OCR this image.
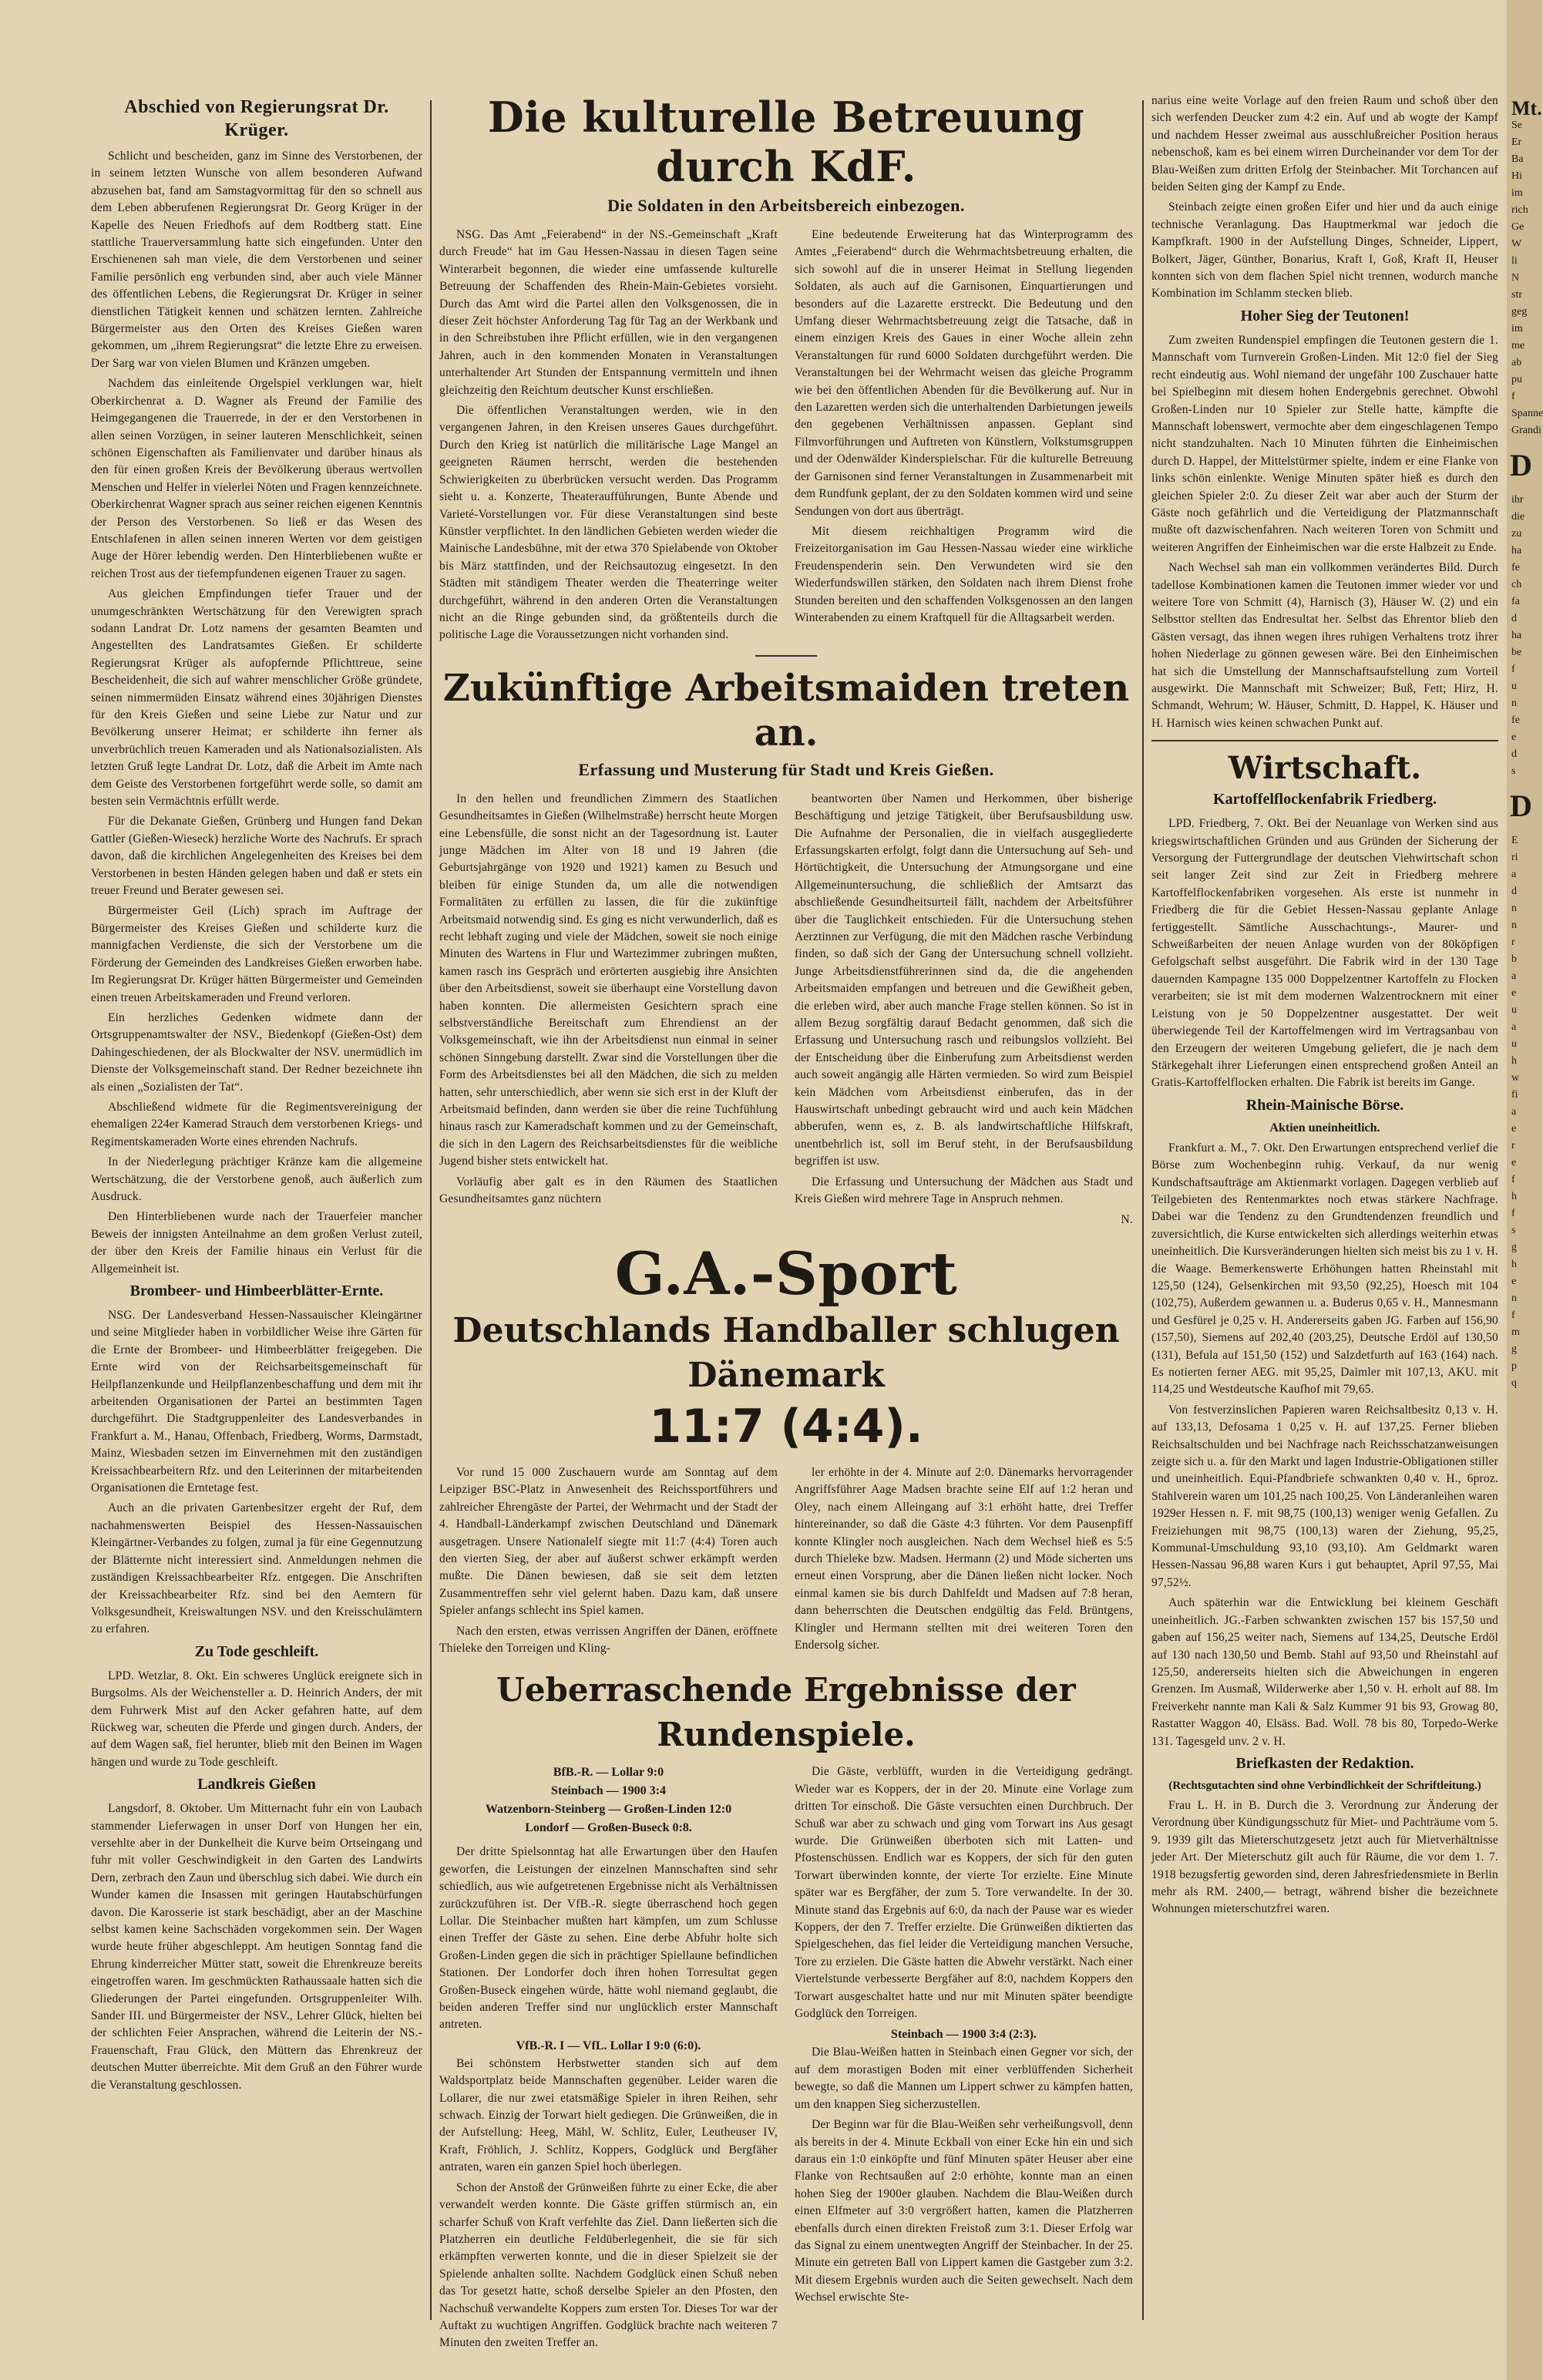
Abschied von Regierungsrat Dr. Krüger.

Schlicht und bescheiden, ganz im Sinne des Verstorbenen, der in seinem letzten Wunsche von allem besonderen Aufwand abzusehen bat, fand am Samstagvormittag für den so schnell aus dem Leben abberufenen Regierungsrat Dr. Georg Krüger in der Kapelle des Neuen Friedhofs auf dem Rodtberg statt. Eine stattliche Trauerversammlung hatte sich eingefunden. Unter den Erschienenen sah man viele, die dem Verstorbenen und seiner Familie persönlich eng verbunden sind, aber auch viele Männer des öffentlichen Lebens, die Regierungsrat Dr. Krüger in seiner dienstlichen Tätigkeit kennen und schätzen lernten. Zahlreiche Bürgermeister aus den Orten des Kreises Gießen waren gekommen, um „ihrem Regierungsrat“ die letzte Ehre zu erweisen. Der Sarg war von vielen Blumen und Kränzen umgeben.

Nachdem das einleitende Orgelspiel verklungen war, hielt Oberkirchenrat a. D. Wagner als Freund der Familie des Heimgegangenen die Trauerrede, in der er den Verstorbenen in allen seinen Vorzügen, in seiner lauteren Menschlichkeit, seinen schönen Eigenschaften als Familienvater und darüber hinaus als den für einen großen Kreis der Bevölkerung überaus wertvollen Menschen und Helfer in vielerlei Nöten und Fragen kennzeichnete. Oberkirchenrat Wagner sprach aus seiner reichen eigenen Kenntnis der Person des Verstorbenen. So ließ er das Wesen des Entschlafenen in allen seinen inneren Werten vor dem geistigen Auge der Hörer lebendig werden. Den Hinterbliebenen wußte er reichen Trost aus der tiefempfundenen eigenen Trauer zu sagen.

Aus gleichen Empfindungen tiefer Trauer und der unumgeschränkten Wertschätzung für den Verewigten sprach sodann Landrat Dr. Lotz namens der gesamten Beamten und Angestellten des Landratsamtes Gießen. Er schilderte Regierungsrat Krüger als aufopfernde Pflichttreue, seine Bescheidenheit, die sich auf wahrer menschlicher Größe gründete, seinen nimmermüden Einsatz während eines 30jährigen Dienstes für den Kreis Gießen und seine Liebe zur Natur und zur Bevölkerung unserer Heimat; er schilderte ihn ferner als unverbrüchlich treuen Kameraden und als Nationalsozialisten. Als letzten Gruß legte Landrat Dr. Lotz, daß die Arbeit im Amte nach dem Geiste des Verstorbenen fortgeführt werde solle, so damit am besten sein Vermächtnis erfüllt werde.

Für die Dekanate Gießen, Grünberg und Hungen fand Dekan Gattler (Gießen-Wieseck) herzliche Worte des Nachrufs. Er sprach davon, daß die kirchlichen Angelegenheiten des Kreises bei dem Verstorbenen in besten Händen gelegen haben und daß er stets ein treuer Freund und Berater gewesen sei.

Bürgermeister Geil (Lich) sprach im Auftrage der Bürgermeister des Kreises Gießen und schilderte kurz die mannigfachen Verdienste, die sich der Verstorbene um die Förderung der Gemeinden des Landkreises Gießen erworben habe. Im Regierungsrat Dr. Krüger hätten Bürgermeister und Gemeinden einen treuen Arbeitskameraden und Freund verloren.

Ein herzliches Gedenken widmete dann der Ortsgruppenamtswalter der NSV., Biedenkopf (Gießen-Ost) dem Dahingeschiedenen, der als Blockwalter der NSV. unermüdlich im Dienste der Volksgemeinschaft stand. Der Redner bezeichnete ihn als einen „Sozialisten der Tat“.

Abschließend widmete für die Regimentsvereinigung der ehemaligen 224er Kamerad Strauch dem verstorbenen Kriegs- und Regimentskameraden Worte eines ehrenden Nachrufs.

In der Niederlegung prächtiger Kränze kam die allgemeine Wertschätzung, die der Verstorbene genoß, auch äußerlich zum Ausdruck.

Den Hinterbliebenen wurde nach der Trauerfeier mancher Beweis der innigsten Anteilnahme an dem großen Verlust zuteil, der über den Kreis der Familie hinaus ein Verlust für die Allgemeinheit ist.

Brombeer- und Himbeerblätter-Ernte.

NSG. Der Landesverband Hessen-Nassauischer Kleingärtner und seine Mitglieder haben in vorbildlicher Weise ihre Gärten für die Ernte der Brombeer- und Himbeerblätter freigegeben. Die Ernte wird von der Reichsarbeitsgemeinschaft für Heilpflanzenkunde und Heilpflanzenbeschaffung und dem mit ihr arbeitenden Organisationen der Partei an bestimmten Tagen durchgeführt. Die Stadtgruppenleiter des Landesverbandes in Frankfurt a. M., Hanau, Offenbach, Friedberg, Worms, Darmstadt, Mainz, Wiesbaden setzen im Einvernehmen mit den zuständigen Kreissachbearbeitern Rfz. und den Leiterinnen der mitarbeitenden Organisationen die Erntetage fest.

Auch an die privaten Gartenbesitzer ergeht der Ruf, dem nachahmenswerten Beispiel des Hessen-Nassauischen Kleingärtner-Verbandes zu folgen, zumal ja für eine Gegennutzung der Blätternte nicht interessiert sind. Anmeldungen nehmen die zuständigen Kreissachbearbeiter Rfz. entgegen. Die Anschriften der Kreissachbearbeiter Rfz. sind bei den Aemtern für Volksgesundheit, Kreiswaltungen NSV. und den Kreisschulämtern zu erfahren.

Zu Tode geschleift.

LPD. Wetzlar, 8. Okt. Ein schweres Unglück ereignete sich in Burgsolms. Als der Weichensteller a. D. Heinrich Anders, der mit dem Fuhrwerk Mist auf den Acker gefahren hatte, auf dem Rückweg war, scheuten die Pferde und gingen durch. Anders, der auf dem Wagen saß, fiel herunter, blieb mit den Beinen im Wagen hängen und wurde zu Tode geschleift.

Landkreis Gießen

Langsdorf, 8. Oktober. Um Mitternacht fuhr ein von Laubach stammender Lieferwagen in unser Dorf von Hungen her ein, versehlte aber in der Dunkelheit die Kurve beim Ortseingang und fuhr mit voller Geschwindigkeit in den Garten des Landwirts Dern, zerbrach den Zaun und überschlug sich dabei. Wie durch ein Wunder kamen die Insassen mit geringen Hautabschürfungen davon. Die Karosserie ist stark beschädigt, aber an der Maschine selbst kamen keine Sachschäden vorgekommen sein. Der Wagen wurde heute früher abgeschleppt. Am heutigen Sonntag fand die Ehrung kinderreicher Mütter statt, soweit die Ehrenkreuze bereits eingetroffen waren. Im geschmückten Rathaussaale hatten sich die Gliederungen der Partei eingefunden. Ortsgruppenleiter Wilh. Sander III. und Bürgermeister der NSV., Lehrer Glück, hielten bei der schlichten Feier Ansprachen, während die Leiterin der NS.-Frauenschaft, Frau Glück, den Müttern das Ehrenkreuz der deutschen Mutter überreichte. Mit dem Gruß an den Führer wurde die Veranstaltung geschlossen.

Die kulturelle Betreuung durch KdF.
Die Soldaten in den Arbeitsbereich einbezogen.

NSG. Das Amt „Feierabend“ in der NS.-Gemeinschaft „Kraft durch Freude“ hat im Gau Hessen-Nassau in diesen Tagen seine Winterarbeit begonnen, die wieder eine umfassende kulturelle Betreuung der Schaffenden des Rhein-Main-Gebietes vorsieht. Durch das Amt wird die Partei allen den Volksgenossen, die in dieser Zeit höchster Anforderung Tag für Tag an der Werkbank und in den Schreibstuben ihre Pflicht erfüllen, wie in den vergangenen Jahren, auch in den kommenden Monaten in Veranstaltungen unterhaltender Art Stunden der Entspannung vermitteln und ihnen gleichzeitig den Reichtum deutscher Kunst erschließen.

Die öffentlichen Veranstaltungen werden, wie in den vergangenen Jahren, in den Kreisen unseres Gaues durchgeführt. Durch den Krieg ist natürlich die militärische Lage Mangel an geeigneten Räumen herrscht, werden die bestehenden Schwierigkeiten zu überbrücken versucht werden. Das Programm sieht u. a. Konzerte, Theateraufführungen, Bunte Abende und Varieté-Vorstellungen vor. Für diese Veranstaltungen sind beste Künstler verpflichtet. In den ländlichen Gebieten werden wieder die Mainische Landesbühne, mit der etwa 370 Spielabende von Oktober bis März stattfinden, und der Reichsautozug eingesetzt. In den Städten mit ständigem Theater werden die Theaterringe weiter durchgeführt, während in den anderen Orten die Veranstaltungen nicht an die Ringe gebunden sind, da größtenteils durch die politische Lage die Voraussetzungen nicht vorhanden sind.

Eine bedeutende Erweiterung hat das Winterprogramm des Amtes „Feierabend“ durch die Wehrmachtsbetreuung erhalten, die sich sowohl auf die in unserer Heimat in Stellung liegenden Soldaten, als auch auf die Garnisonen, Einquartierungen und besonders auf die Lazarette erstreckt. Die Bedeutung und den Umfang dieser Wehrmachtsbetreuung zeigt die Tatsache, daß in einem einzigen Kreis des Gaues in einer Woche allein zehn Veranstaltungen für rund 6000 Soldaten durchgeführt werden. Die Veranstaltungen bei der Wehrmacht weisen das gleiche Programm wie bei den öffentlichen Abenden für die Bevölkerung auf. Nur in den Lazaretten werden sich die unterhaltenden Darbietungen jeweils den gegebenen Verhältnissen anpassen. Geplant sind Filmvorführungen und Auftreten von Künstlern, Volkstumsgruppen und der Odenwälder Kinderspielschar. Für die kulturelle Betreuung der Garnisonen sind ferner Veranstaltungen in Zusammenarbeit mit dem Rundfunk geplant, der zu den Soldaten kommen wird und seine Sendungen von dort aus überträgt.

Mit diesem reichhaltigen Programm wird die Freizeitorganisation im Gau Hessen-Nassau wieder eine wirkliche Freudenspenderin sein. Den Verwundeten wird sie den Wiederfundswillen stärken, den Soldaten nach ihrem Dienst frohe Stunden bereiten und den schaffenden Volksgenossen an den langen Winterabenden zu einem Kraftquell für die Alltagsarbeit werden.

Zukünftige Arbeitsmaiden treten an.
Erfassung und Musterung für Stadt und Kreis Gießen.

In den hellen und freundlichen Zimmern des Staatlichen Gesundheitsamtes in Gießen (Wilhelmstraße) herrscht heute Morgen eine Lebensfülle, die sonst nicht an der Tagesordnung ist. Lauter junge Mädchen im Alter von 18 und 19 Jahren (die Geburtsjahrgänge von 1920 und 1921) kamen zu Besuch und bleiben für einige Stunden da, um alle die notwendigen Formalitäten zu erfüllen zu lassen, die für die zukünftige Arbeitsmaid notwendig sind. Es ging es nicht verwunderlich, daß es recht lebhaft zuging und viele der Mädchen, soweit sie noch einige Minuten des Wartens in Flur und Wartezimmer zubringen mußten, kamen rasch ins Gespräch und erörterten ausgiebig ihre Ansichten über den Arbeitsdienst, soweit sie überhaupt eine Vorstellung davon haben konnten. Die allermeisten Gesichtern sprach eine selbstverständliche Bereitschaft zum Ehrendienst an der Volksgemeinschaft, wie ihn der Arbeitsdienst nun einmal in seiner schönen Sinngebung darstellt. Zwar sind die Vorstellungen über die Form des Arbeitsdienstes bei all den Mädchen, die sich zu melden hatten, sehr unterschiedlich, aber wenn sie sich erst in der Kluft der Arbeitsmaid befinden, dann werden sie über die reine Tuchfühlung hinaus rasch zur Kameradschaft kommen und zu der Gemeinschaft, die sich in den Lagern des Reichsarbeitsdienstes für die weibliche Jugend bisher stets entwickelt hat.

Vorläufig aber galt es in den Räumen des Staatlichen Gesundheitsamtes ganz nüchtern

beantworten über Namen und Herkommen, über bisherige Beschäftigung und jetzige Tätigkeit, über Berufsausbildung usw. Die Aufnahme der Personalien, die in vielfach ausgegliederte Erfassungskarten erfolgt, folgt dann die Untersuchung auf Seh- und Hörtüchtigkeit, die Untersuchung der Atmungsorgane und eine Allgemeinuntersuchung, die schließlich der Amtsarzt das abschließende Gesundheitsurteil fällt, nachdem der Arbeitsführer über die Tauglichkeit entschieden. Für die Untersuchung stehen Aerztinnen zur Verfügung, die mit den Mädchen rasche Verbindung finden, so daß sich der Gang der Untersuchung schnell vollzieht. Junge Arbeitsdienstführerinnen sind da, die die angehenden Arbeitsmaiden empfangen und betreuen und die Gewißheit geben, die erleben wird, aber auch manche Frage stellen können. So ist in allem Bezug sorgfältig darauf Bedacht genommen, daß sich die Erfassung und Untersuchung rasch und reibungslos vollzieht. Bei der Entscheidung über die Einberufung zum Arbeitsdienst werden auch soweit angängig alle Härten vermieden. So wird zum Beispiel kein Mädchen vom Arbeitsdienst einberufen, das in der Hauswirtschaft unbedingt gebraucht wird und auch kein Mädchen abberufen, wenn es, z. B. als landwirtschaftliche Hilfskraft, unentbehrlich ist, soll im Beruf steht, in der Berufsausbildung begriffen ist usw.

Die Erfassung und Untersuchung der Mädchen aus Stadt und Kreis Gießen wird mehrere Tage in Anspruch nehmen.

N.

G.A.-Sport
Deutschlands Handballer schlugen Dänemark
11:7 (4:4).

Vor rund 15 000 Zuschauern wurde am Sonntag auf dem Leipziger BSC-Platz in Anwesenheit des Reichssportführers und zahlreicher Ehrengäste der Partei, der Wehrmacht und der Stadt der 4. Handball-Länderkampf zwischen Deutschland und Dänemark ausgetragen. Unsere Nationalelf siegte mit 11:7 (4:4) Toren auch den vierten Sieg, der aber auf äußerst schwer erkämpft werden mußte. Die Dänen bewiesen, daß sie seit dem letzten Zusammentreffen sehr viel gelernt haben. Dazu kam, daß unsere Spieler anfangs schlecht ins Spiel kamen.

Nach den ersten, etwas verrissen Angriffen der Dänen, eröffnete Thieleke den Torreigen und Kling-

ler erhöhte in der 4. Minute auf 2:0. Dänemarks hervorragender Angriffsführer Aage Madsen brachte seine Elf auf 1:2 heran und Oley, nach einem Alleingang auf 3:1 erhöht hatte, drei Treffer hintereinander, so daß die Gäste 4:3 führten. Vor dem Pausenpfiff konnte Klingler noch ausgleichen. Nach dem Wechsel hieß es 5:5 durch Thieleke bzw. Madsen. Hermann (2) und Möde sicherten uns erneut einen Vorsprung, aber die Dänen ließen nicht locker. Noch einmal kamen sie bis durch Dahlfeldt und Madsen auf 7:8 heran, dann beherrschten die Deutschen endgültig das Feld. Brüntgens, Klingler und Hermann stellten mit drei weiteren Toren den Endersolg sicher.

Ueberraschende Ergebnisse der Rundenspiele.

BfB.-R. — Lollar 9:0

Steinbach — 1900 3:4

Watzenborn-Steinberg — Großen-Linden 12:0

Londorf — Großen-Buseck 0:8.

Der dritte Spielsonntag hat alle Erwartungen über den Haufen geworfen, die Leistungen der einzelnen Mannschaften sind sehr schiedlich, aus wie aufgetretenen Ergebnisse nicht als Verhältnissen zurückzuführen ist. Der VfB.-R. siegte überraschend hoch gegen Lollar. Die Steinbacher mußten hart kämpfen, um zum Schlusse einen Treffer der Gäste zu sehen. Eine derbe Abfuhr holte sich Großen-Linden gegen die sich in prächtiger Spiellaune befindlichen Stationen. Der Londorfer doch ihren hohen Torresultat gegen Großen-Buseck eingehen würde, hätte wohl niemand geglaubt, die beiden anderen Treffer sind nur unglücklich erster Mannschaft antreten.

VfB.-R. I — VfL. Lollar I 9:0 (6:0).

Bei schönstem Herbstwetter standen sich auf dem Waldsportplatz beide Mannschaften gegenüber. Leider waren die Lollarer, die nur zwei etatsmäßige Spieler in ihren Reihen, sehr schwach. Einzig der Torwart hielt gediegen. Die Grünweißen, die in der Aufstellung: Heeg, Mähl, W. Schlitz, Euler, Leutheuser IV, Kraft, Fröhlich, J. Schlitz, Koppers, Godglück und Bergfäher antraten, waren ein ganzen Spiel hoch überlegen.

Schon der Anstoß der Grünweißen führte zu einer Ecke, die aber verwandelt werden konnte. Die Gäste griffen stürmisch an, ein scharfer Schuß von Kraft verfehlte das Ziel. Dann ließerten sich die Platzherren ein deutliche Feldüberlegenheit, die sie für sich erkämpften verwerten konnte, und die in dieser Spielzeit sie der Spielende anhalten sollte. Nachdem Godglück einen Schuß neben das Tor gesetzt hatte, schoß derselbe Spieler an den Pfosten, den Nachschuß verwandelte Koppers zum ersten Tor. Dieses Tor war der Auftakt zu wuchtigen Angriffen. Godglück brachte nach weiteren 7 Minuten den zweiten Treffer an.

Die Gäste, verblüfft, wurden in die Verteidigung gedrängt. Wieder war es Koppers, der in der 20. Minute eine Vorlage zum dritten Tor einschoß. Die Gäste versuchten einen Durchbruch. Der Schuß war aber zu schwach und ging vom Torwart ins Aus gesagt wurde. Die Grünweißen überboten sich mit Latten- und Pfostenschüssen. Endlich war es Koppers, der sich für den guten Torwart überwinden konnte, der vierte Tor erzielte. Eine Minute später war es Bergfäher, der zum 5. Tore verwandelte. In der 30. Minute stand das Ergebnis auf 6:0, da nach der Pause war es wieder Koppers, der den 7. Treffer erzielte. Die Grünweißen diktierten das Spielgeschehen, das fiel leider die Verteidigung manchen Versuche, Tore zu erzielen. Die Gäste hatten die Abwehr verstärkt. Nach einer Viertelstunde verbesserte Bergfäher auf 8:0, nachdem Koppers den Torwart ausgeschaltet hatte und nur mit Minuten später beendigte Godglück den Torreigen.

Steinbach — 1900 3:4 (2:3).

Die Blau-Weißen hatten in Steinbach einen Gegner vor sich, der auf dem morastigen Boden mit einer verblüffenden Sicherheit bewegte, so daß die Mannen um Lippert schwer zu kämpfen hatten, um den knappen Sieg sicherzustellen.

Der Beginn war für die Blau-Weißen sehr verheißungsvoll, denn als bereits in der 4. Minute Eckball von einer Ecke hin ein und sich daraus ein 1:0 einköpfte und fünf Minuten später Heuser aber eine Flanke von Rechtsaußen auf 2:0 erhöhte, konnte man an einen hohen Sieg der 1900er glauben. Nachdem die Blau-Weißen durch einen Elfmeter auf 3:0 vergrößert hatten, kamen die Platzherren ebenfalls durch einen direkten Freistoß zum 3:1. Dieser Erfolg war das Signal zu einem unentwegten Angriff der Steinbacher. In der 25. Minute ein getreten Ball von Lippert kamen die Gastgeber zum 3:2. Mit diesem Ergebnis wurden auch die Seiten gewechselt. Nach dem Wechsel erwischte Ste-

narius eine weite Vorlage auf den freien Raum und schoß über den sich werfenden Deucker zum 4:2 ein. Auf und ab wogte der Kampf und nachdem Hesser zweimal aus ausschlußreicher Position heraus nebenschoß, kam es bei einem wirren Durcheinander vor dem Tor der Blau-Weißen zum dritten Erfolg der Steinbacher. Mit Torchancen auf beiden Seiten ging der Kampf zu Ende.

Steinbach zeigte einen großen Eifer und hier und da auch einige technische Veranlagung. Das Hauptmerkmal war jedoch die Kampfkraft. 1900 in der Aufstellung Dinges, Schneider, Lippert, Bolkert, Jäger, Günther, Bonarius, Kraft I, Goß, Kraft II, Heuser konnten sich von dem flachen Spiel nicht trennen, wodurch manche Kombination im Schlamm stecken blieb.

Hoher Sieg der Teutonen!

Zum zweiten Rundenspiel empfingen die Teutonen gestern die 1. Mannschaft vom Turnverein Großen-Linden. Mit 12:0 fiel der Sieg recht eindeutig aus. Wohl niemand der ungefähr 100 Zuschauer hatte bei Spielbeginn mit diesem hohen Endergebnis gerechnet. Obwohl Großen-Linden nur 10 Spieler zur Stelle hatte, kämpfte die Mannschaft lobenswert, vermochte aber dem eingeschlagenen Tempo nicht standzuhalten. Nach 10 Minuten führten die Einheimischen durch D. Happel, der Mittelstürmer spielte, indem er eine Flanke von links schön einlenkte. Wenige Minuten später hieß es durch den gleichen Spieler 2:0. Zu dieser Zeit war aber auch der Sturm der Gäste noch gefährlich und die Verteidigung der Platzmannschaft mußte oft dazwischenfahren. Nach weiteren Toren von Schmitt und weiteren Angriffen der Einheimischen war die erste Halbzeit zu Ende.

Nach Wechsel sah man ein vollkommen verändertes Bild. Durch tadellose Kombinationen kamen die Teutonen immer wieder vor und weitere Tore von Schmitt (4), Harnisch (3), Häuser W. (2) und ein Selbsttor stellten das Endresultat her. Selbst das Ehrentor blieb den Gästen versagt, das ihnen wegen ihres ruhigen Verhaltens trotz ihrer hohen Niederlage zu gönnen gewesen wäre. Bei den Einheimischen hat sich die Umstellung der Mannschaftsaufstellung zum Vorteil ausgewirkt. Die Mannschaft mit Schweizer; Buß, Fett; Hirz, H. Schmandt, Wehrum; W. Häuser, Schmitt, D. Happel, K. Häuser und H. Harnisch wies keinen schwachen Punkt auf.

Wirtschaft.
Kartoffelflockenfabrik Friedberg.

LPD. Friedberg, 7. Okt. Bei der Neuanlage von Werken sind aus kriegswirtschaftlichen Gründen und aus Gründen der Sicherung der Versorgung der Futtergrundlage der deutschen Viehwirtschaft schon seit langer Zeit sind zur Zeit in Friedberg mehrere Kartoffelflockenfabriken vorgesehen. Als erste ist nunmehr in Friedberg die für die Gebiet Hessen-Nassau geplante Anlage fertiggestellt. Sämtliche Ausschachtungs-, Maurer- und Schweißarbeiten der neuen Anlage wurden von der 80köpfigen Gefolgschaft selbst ausgeführt. Die Fabrik wird in der 130 Tage dauernden Kampagne 135 000 Doppelzentner Kartoffeln zu Flocken verarbeiten; sie ist mit dem modernen Walzentrocknern mit einer Leistung von je 50 Doppelzentner ausgestattet. Der weit überwiegende Teil der Kartoffelmengen wird im Vertragsanbau von den Erzeugern der weiteren Umgebung geliefert, die je nach dem Stärkegehalt ihrer Lieferungen einen entsprechend großen Anteil an Gratis-Kartoffelflocken erhalten. Die Fabrik ist bereits im Gange.

Rhein-Mainische Börse.
Aktien uneinheitlich.

Frankfurt a. M., 7. Okt. Den Erwartungen entsprechend verlief die Börse zum Wochenbeginn ruhig. Verkauf, da nur wenig Kundschaftsaufträge am Aktienmarkt vorlagen. Dagegen verblieb auf Teilgebieten des Rentenmarktes noch etwas stärkere Nachfrage. Dabei war die Tendenz zu den Grundtendenzen freundlich und zuversichtlich, die Kurse entwickelten sich allerdings weiterhin etwas uneinheitlich. Die Kursveränderungen hielten sich meist bis zu 1 v. H. die Waage. Bemerkenswerte Erhöhungen hatten Rheinstahl mit 125,50 (124), Gelsenkirchen mit 93,50 (92,25), Hoesch mit 104 (102,75), Außerdem gewannen u. a. Buderus 0,65 v. H., Mannesmann und Gesfürel je 0,25 v. H. Andererseits gaben JG. Farben auf 156,90 (157,50), Siemens auf 202,40 (203,25), Deutsche Erdöl auf 130,50 (131), Befula auf 151,50 (152) und Salzdetfurth auf 163 (164) nach. Es notierten ferner AEG. mit 95,25, Daimler mit 107,13, AKU. mit 114,25 und Westdeutsche Kaufhof mit 79,65.

Von festverzinslichen Papieren waren Reichsaltbesitz 0,13 v. H. auf 133,13, Defosama 1 0,25 v. H. auf 137,25. Ferner blieben Reichsaltschulden und bei Nachfrage nach Reichsschatzanweisungen zeigte sich u. a. für den Markt und lagen Industrie-Obligationen stiller und uneinheitlich. Equi-Pfandbriefe schwankten 0,40 v. H., 6proz. Stahlverein waren um 101,25 nach 100,25. Von Länderanleihen waren 1929er Hessen n. F. mit 98,75 (100,13) weniger wenig Gefallen. Zu Freiziehungen mit 98,75 (100,13) waren der Ziehung, 95,25, Kommunal-Umschuldung 93,10 (93,10). Am Geldmarkt waren Hessen-Nassau 96,88 waren Kurs i gut behauptet, April 97,55, Mai 97,52½.

Auch späterhin war die Entwicklung bei kleinem Geschäft uneinheitlich. JG.-Farben schwankten zwischen 157 bis 157,50 und gaben auf 156,25 weiter nach, Siemens auf 134,25, Deutsche Erdöl auf 130 nach 130,50 und Bemb. Stahl auf 93,50 und Rheinstahl auf 125,50, andererseits hielten sich die Abweichungen in engeren Grenzen. Im Ausmaß, Wilderwerke aber 1,50 v. H. erholt auf 88. Im Freiverkehr nannte man Kali & Salz Kummer 91 bis 93, Growag 80, Rastatter Waggon 40, Elsäss. Bad. Woll. 78 bis 80, Torpedo-Werke 131. Tagesgeld unv. 2 v. H.

Briefkasten der Redaktion.
(Rechtsgutachten sind ohne Verbindlichkeit der Schriftleitung.)

Frau L. H. in B. Durch die 3. Verordnung zur Änderung der Verordnung über Kündigungsschutz für Miet- und Pachträume vom 5. 9. 1939 gilt das Mieterschutzgesetz jetzt auch für Mietverhältnisse jeder Art. Der Mieterschutz gilt auch für Räume, die vor dem 1. 7. 1918 bezugsfertig geworden sind, deren Jahresfriedensmiete in Berlin mehr als RM. 2400,— betragt, während bisher die bezeichnete Wohnungen mieterschutzfrei waren.

Mt.
Se
Er
Ba
Hi
im
rich
Ge
W
li
N
str
geg
im
me
ab
pu
f
Spanne
Grandi
D
ihr
die
zu
ha
fe
ch
fa
d
ha
be
f
u
n
fe
e
d
s
D
E
ri
a
d
n
n
r
b
a
e
u
a
u
h
w
fi
a
e
r
e
f
h
f
s
g
h
e
n
f
m
g
p
q
